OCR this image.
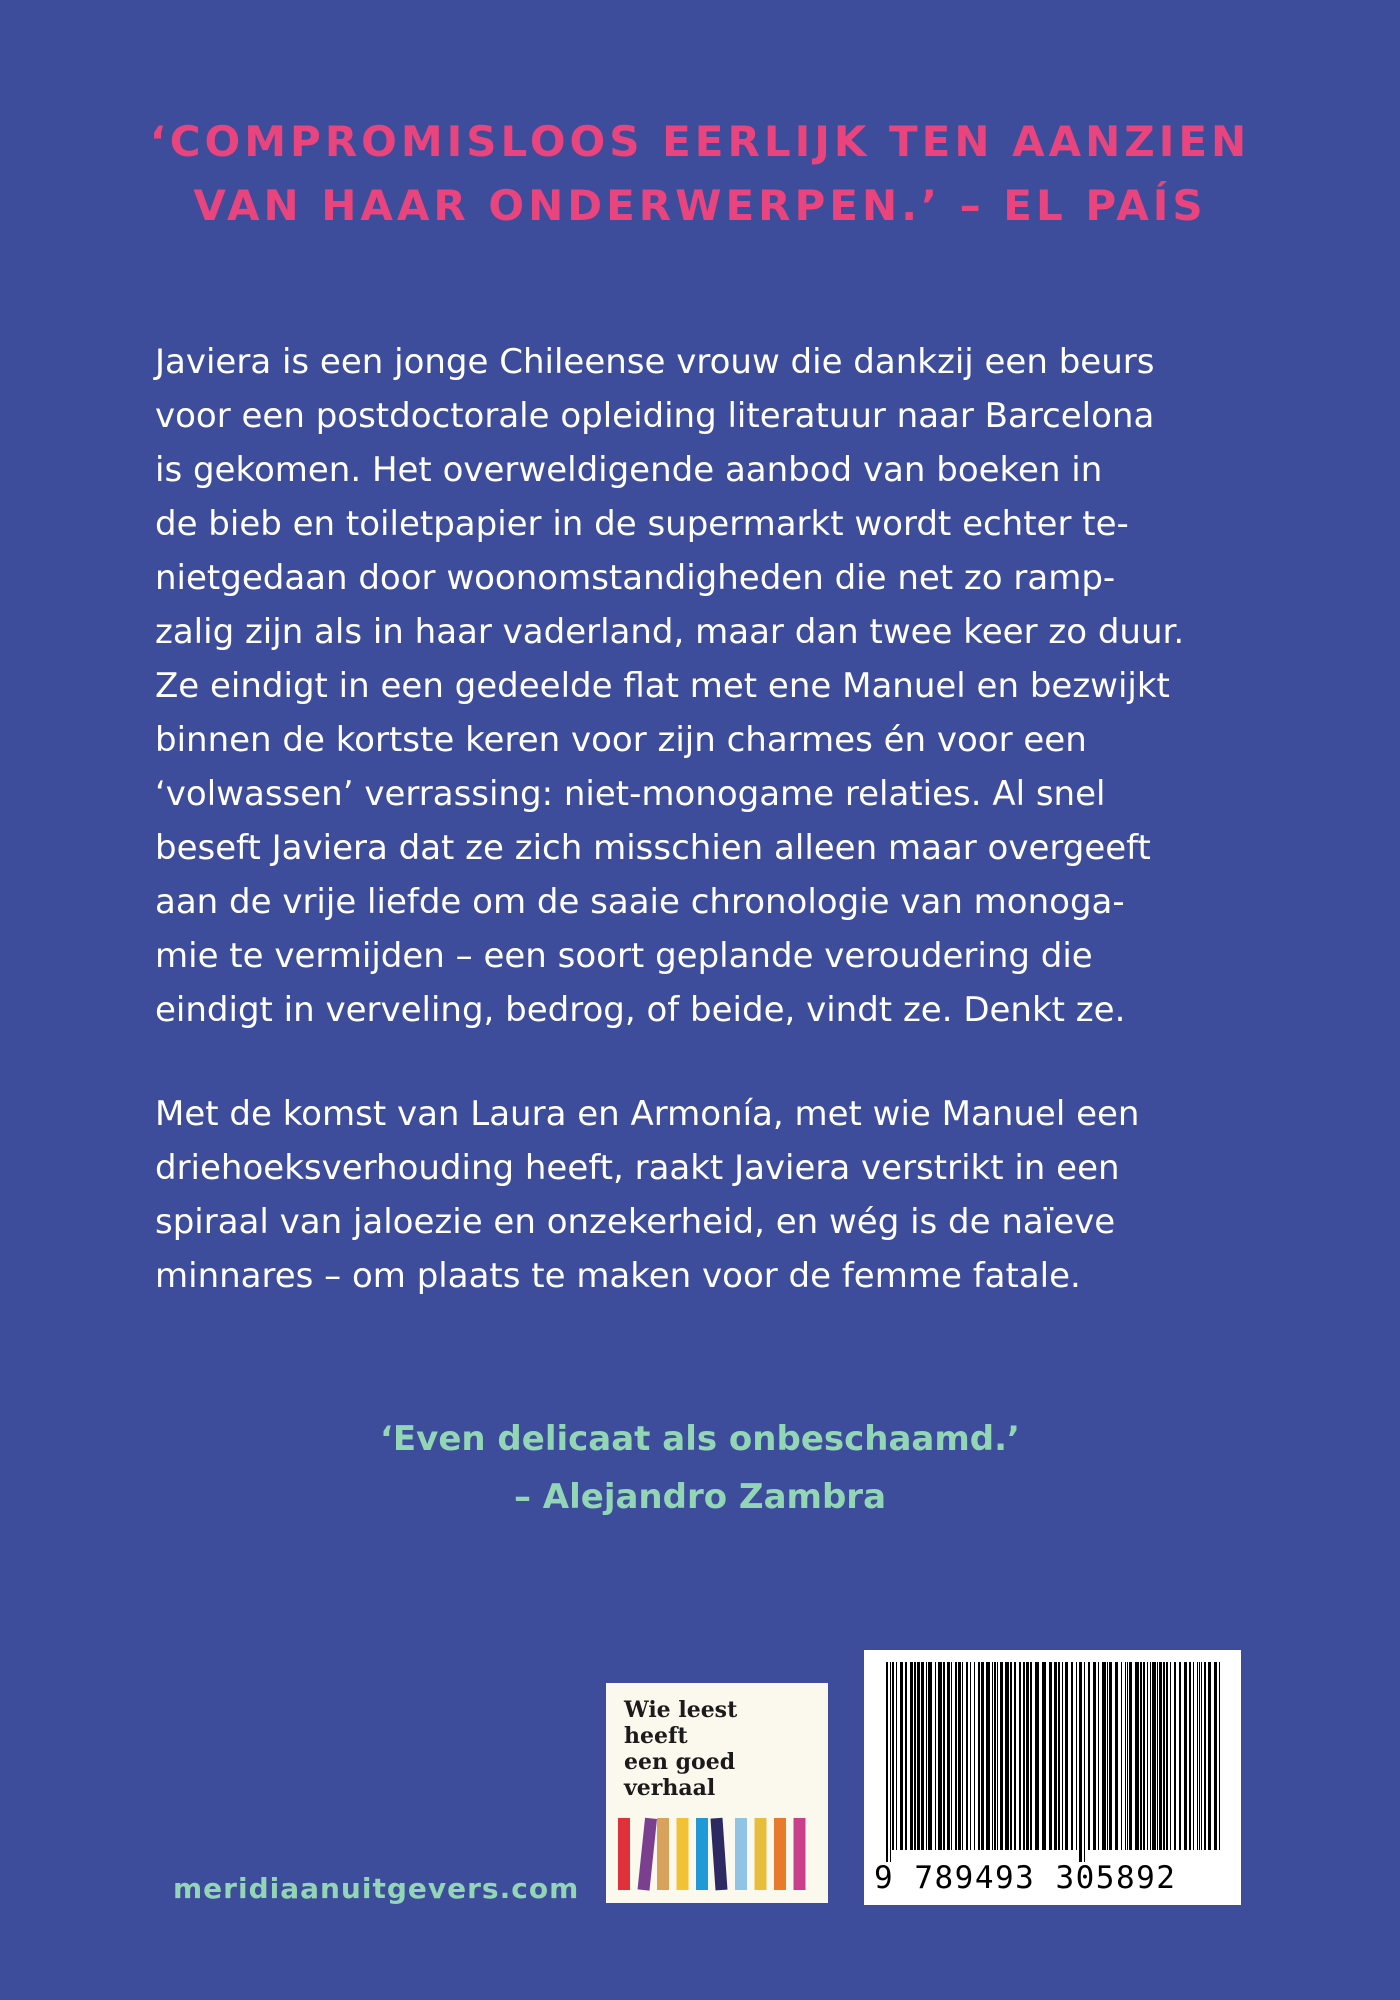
‘COMPROMISLOOS EERLIJK TEN AANZIEN
VAN HAAR ONDERWERPEN.’ – EL PAÍS
Javiera is een jonge Chileense vrouw die dankzij een beurs
voor een postdoctorale opleiding literatuur naar Barcelona
is gekomen. Het overweldigende aanbod van boeken in
de bieb en toiletpapier in de supermarkt wordt echter te-
nietgedaan door woonomstandigheden die net zo ramp-
zalig zijn als in haar vaderland, maar dan twee keer zo duur.
Ze eindigt in een gedeelde flat met ene Manuel en bezwijkt
binnen de kortste keren voor zijn charmes én voor een
‘volwassen’ verrassing: niet-monogame relaties. Al snel
beseft Javiera dat ze zich misschien alleen maar overgeeft
aan de vrije liefde om de saaie chronologie van monoga-
mie te vermijden – een soort geplande veroudering die
eindigt in verveling, bedrog, of beide, vindt ze. Denkt ze.
Met de komst van Laura en Armonía, met wie Manuel een
driehoeksverhouding heeft, raakt Javiera verstrikt in een
spiraal van jaloezie en onzekerheid, en wég is de naïeve
minnares – om plaats te maken voor de femme fatale.
‘Even delicaat als onbeschaamd.’
– Alejandro Zambra
meridiaanuitgevers.com
Wie leest
heeft
een goed
verhaal
9 789493 305892
